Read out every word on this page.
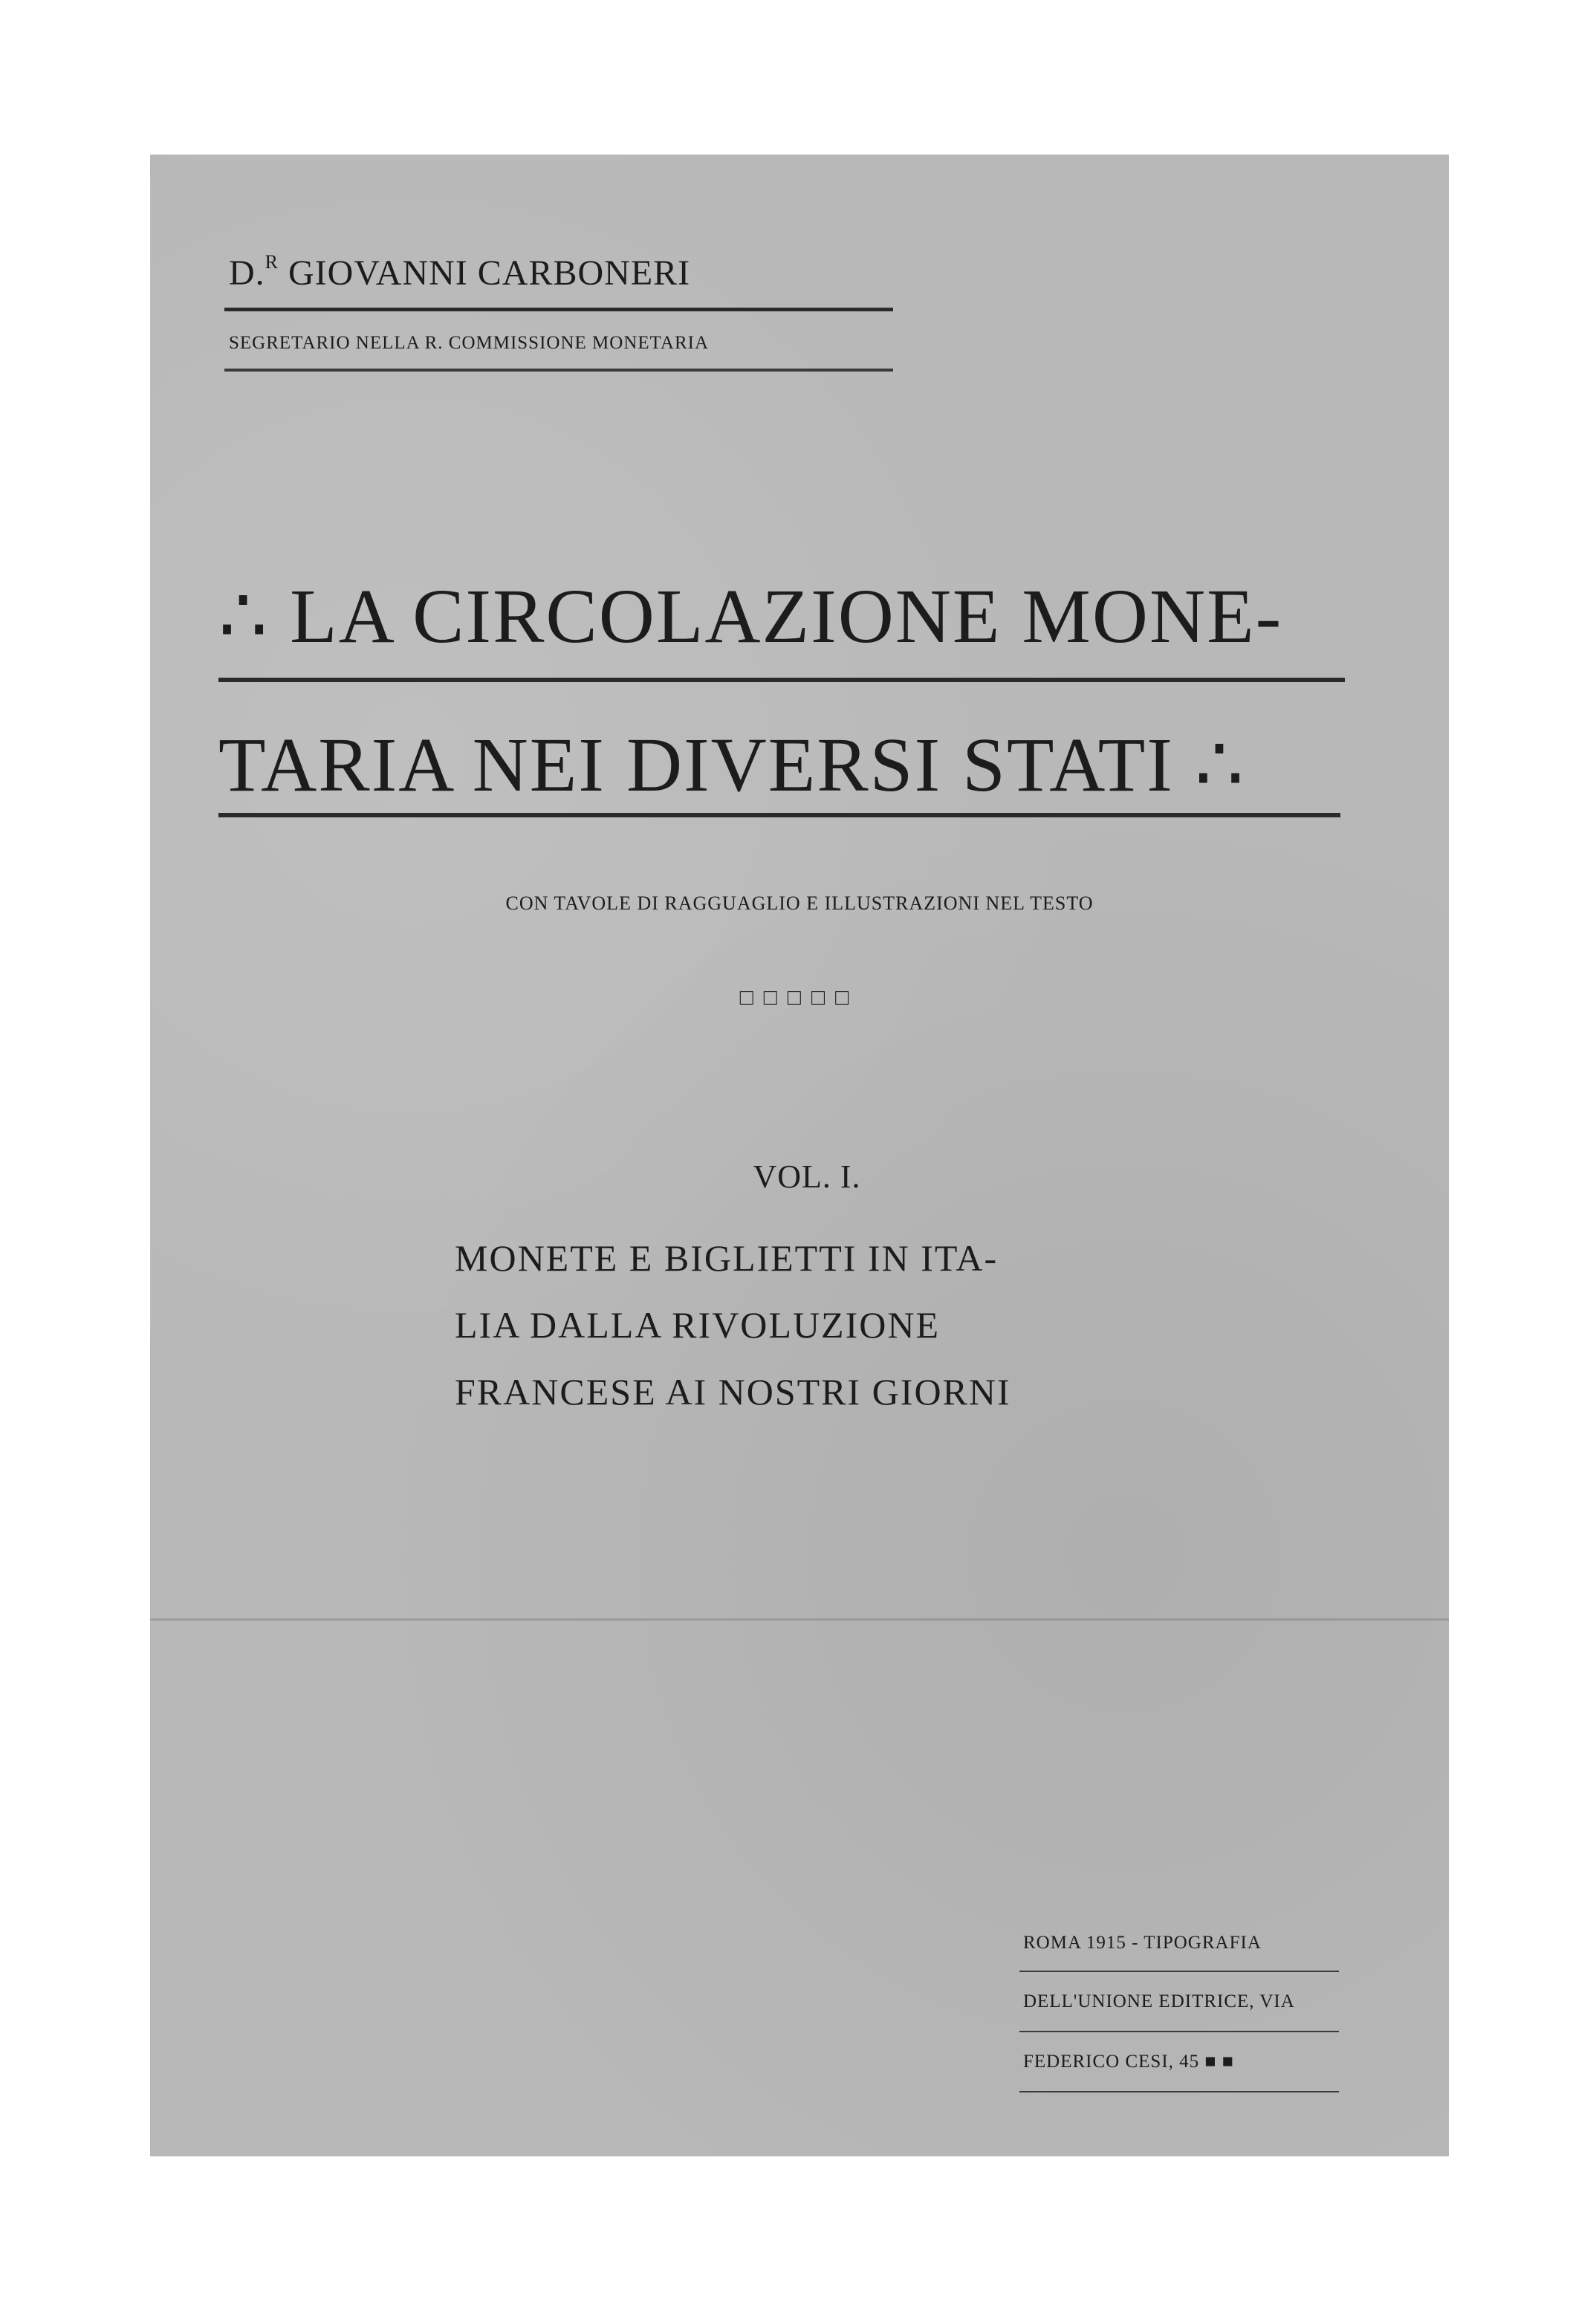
D.$^R$ GIOVANNI CARBONERI
SEGRETARIO NELLA R. COMMISSIONE MONETARIA
∴ LA CIRCOLAZIONE MONE-
TARIA NEI DIVERSI STATI ∴
CON TAVOLE DI RAGGUAGLIO E ILLUSTRAZIONI NEL TESTO
□□□□□
VOL. I.
MONETE E BIGLIETTI IN ITA-
LIA DALLA RIVOLUZIONE
FRANCESE AI NOSTRI GIORNI
ROMA 1915 - TIPOGRAFIA
DELL'UNIONE EDITRICE, VIA
FEDERICO CESI, 45 ■ ■
